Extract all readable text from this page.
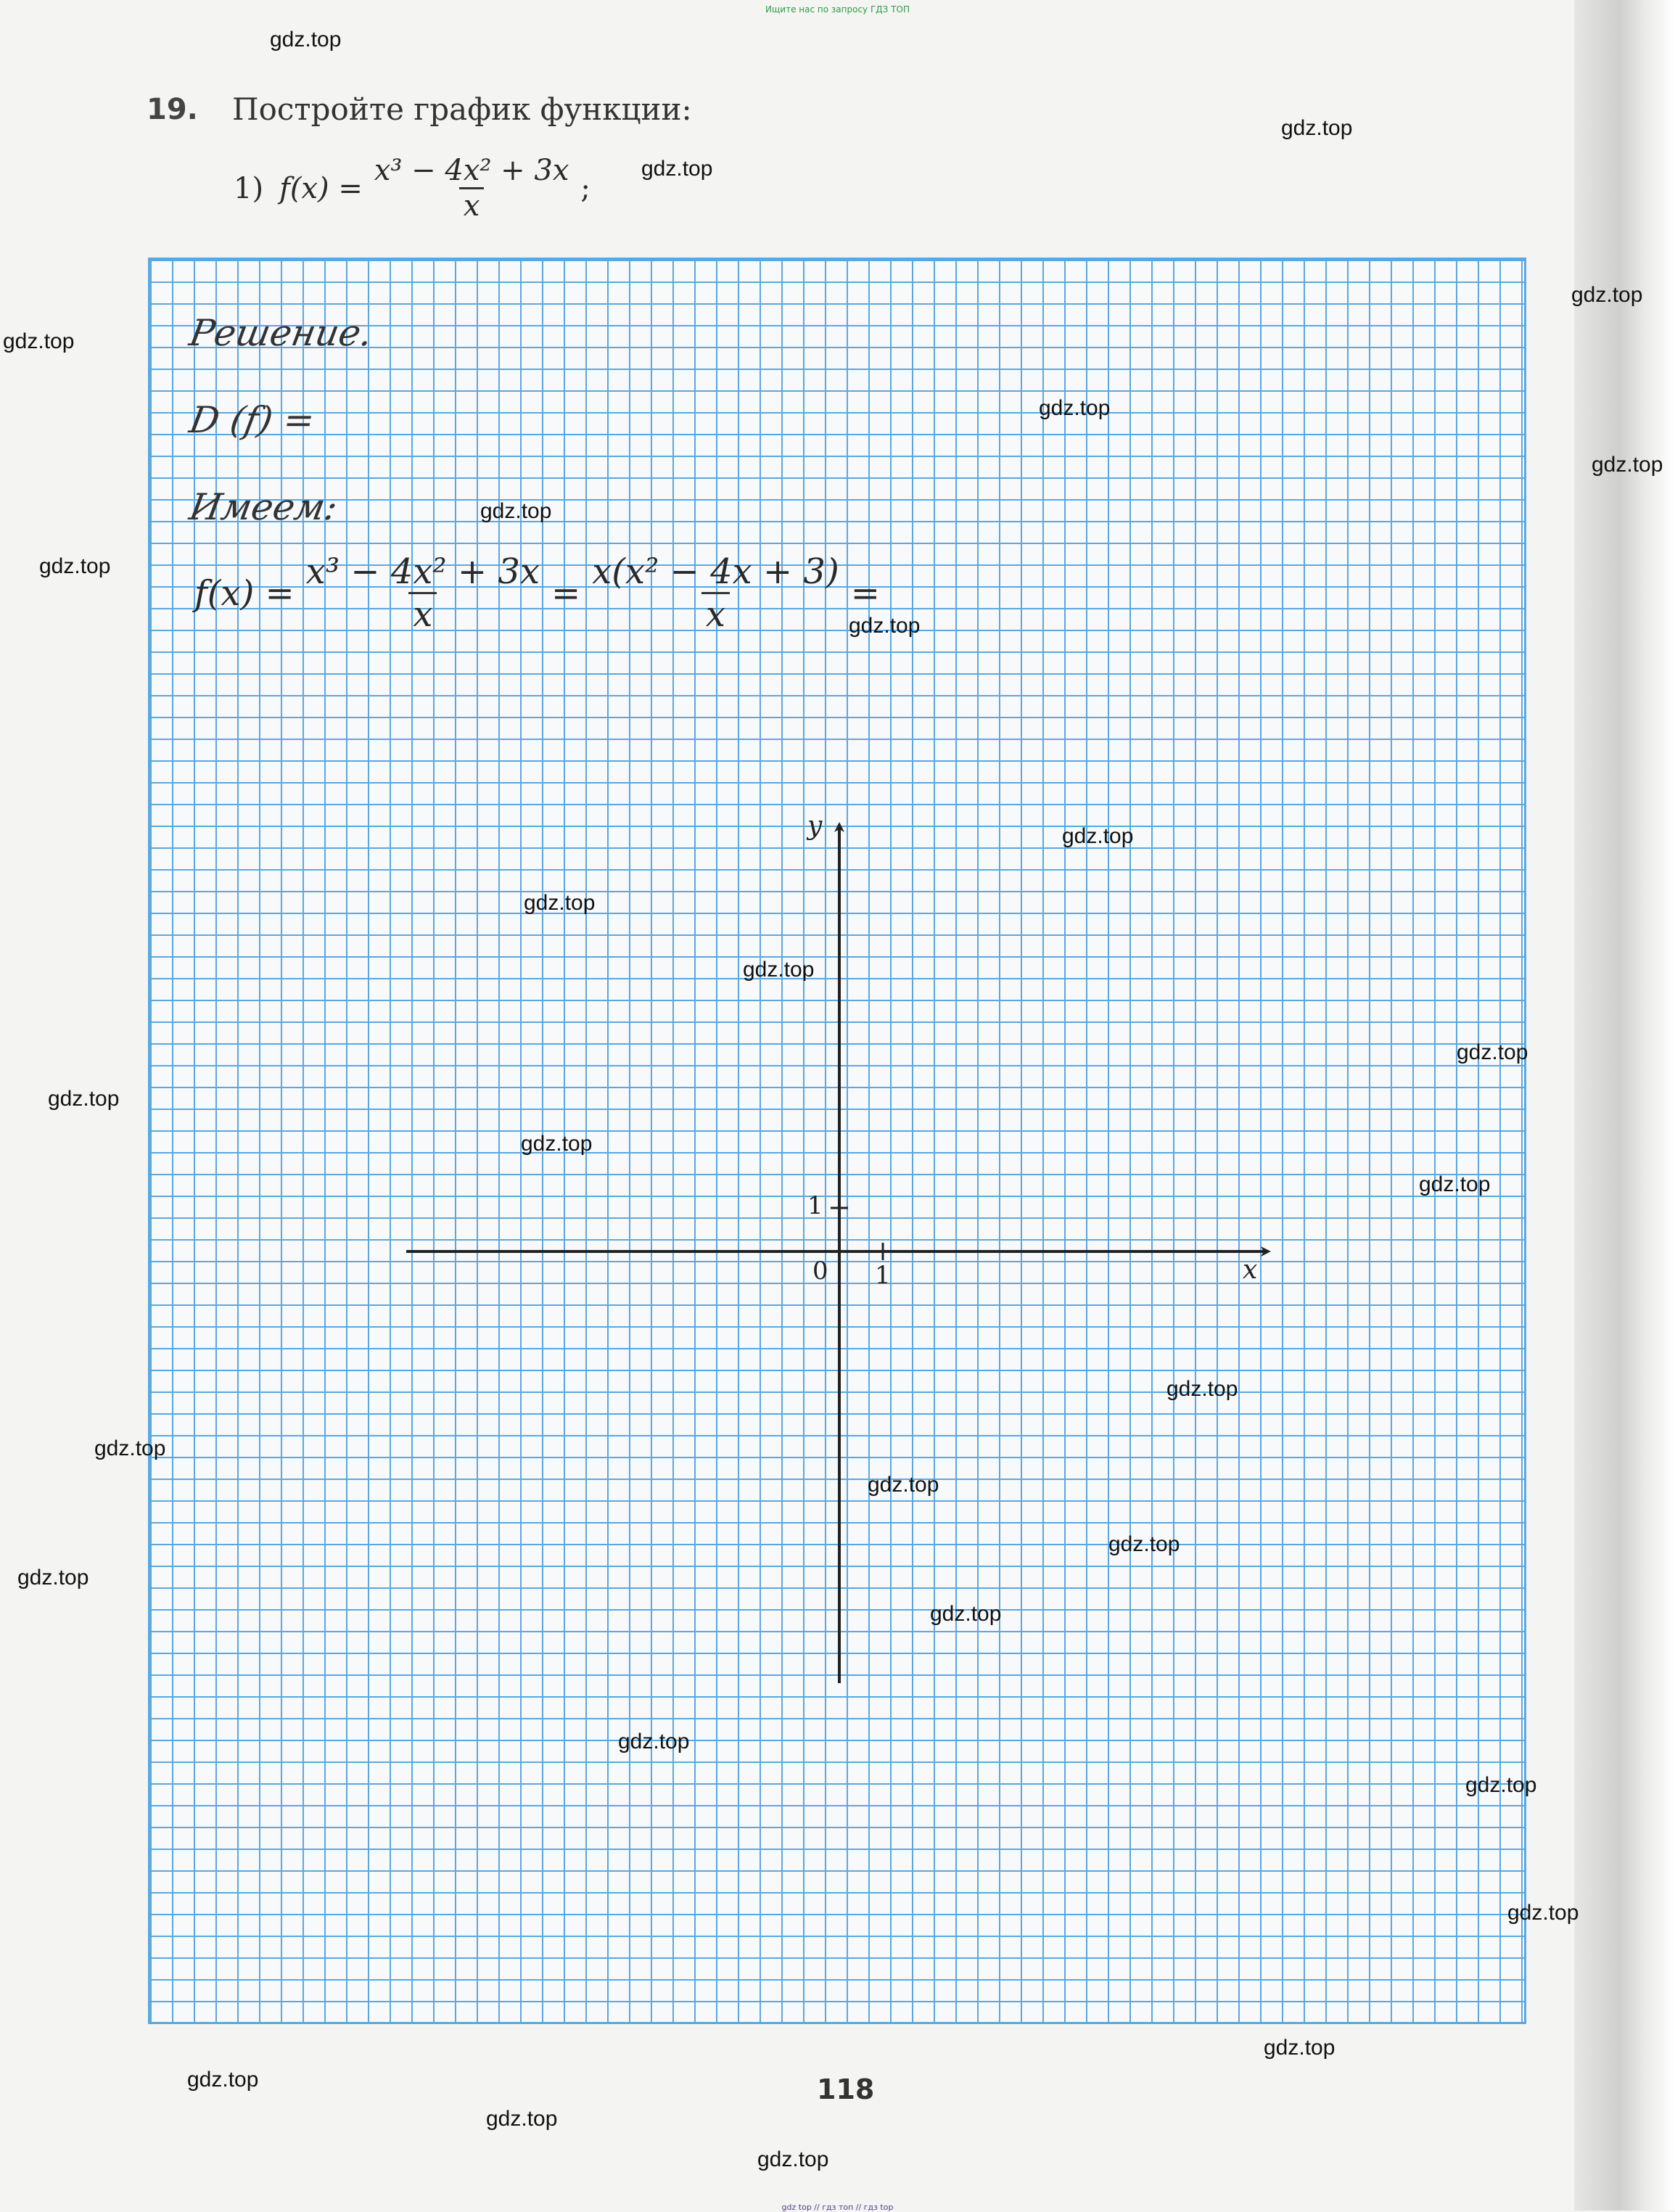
Ищите нас по запросу ГДЗ ТОП
19. Постройте график функции:
1) $f(x) = \frac{\text{x³ − 4x² + 3x}}{x}$ ;
Решение.
D (f) =
Имеем:
$f(x) = \frac{\text{x³ − 4x² + 3x}}{x} = \frac{\text{x(x² − 4x + 3)}}{x}$ =
y
x
0 1
1
118
gdz.top
gdz.top
gdz.top
gdz.top
gdz.top
gdz.top
gdz.top
gdz.top
gdz.top
gdz.top
gdz.top
gdz.top
gdz.top
gdz.top
gdz.top
gdz.top
gdz.top
gdz.top
gdz.top
gdz.top
gdz.top
gdz.top
gdz.top
gdz.top
gdz.top
gdz.top
gdz.top
gdz.top
gdz.top
gdz.top
gdz top // гдз топ // гдз top
